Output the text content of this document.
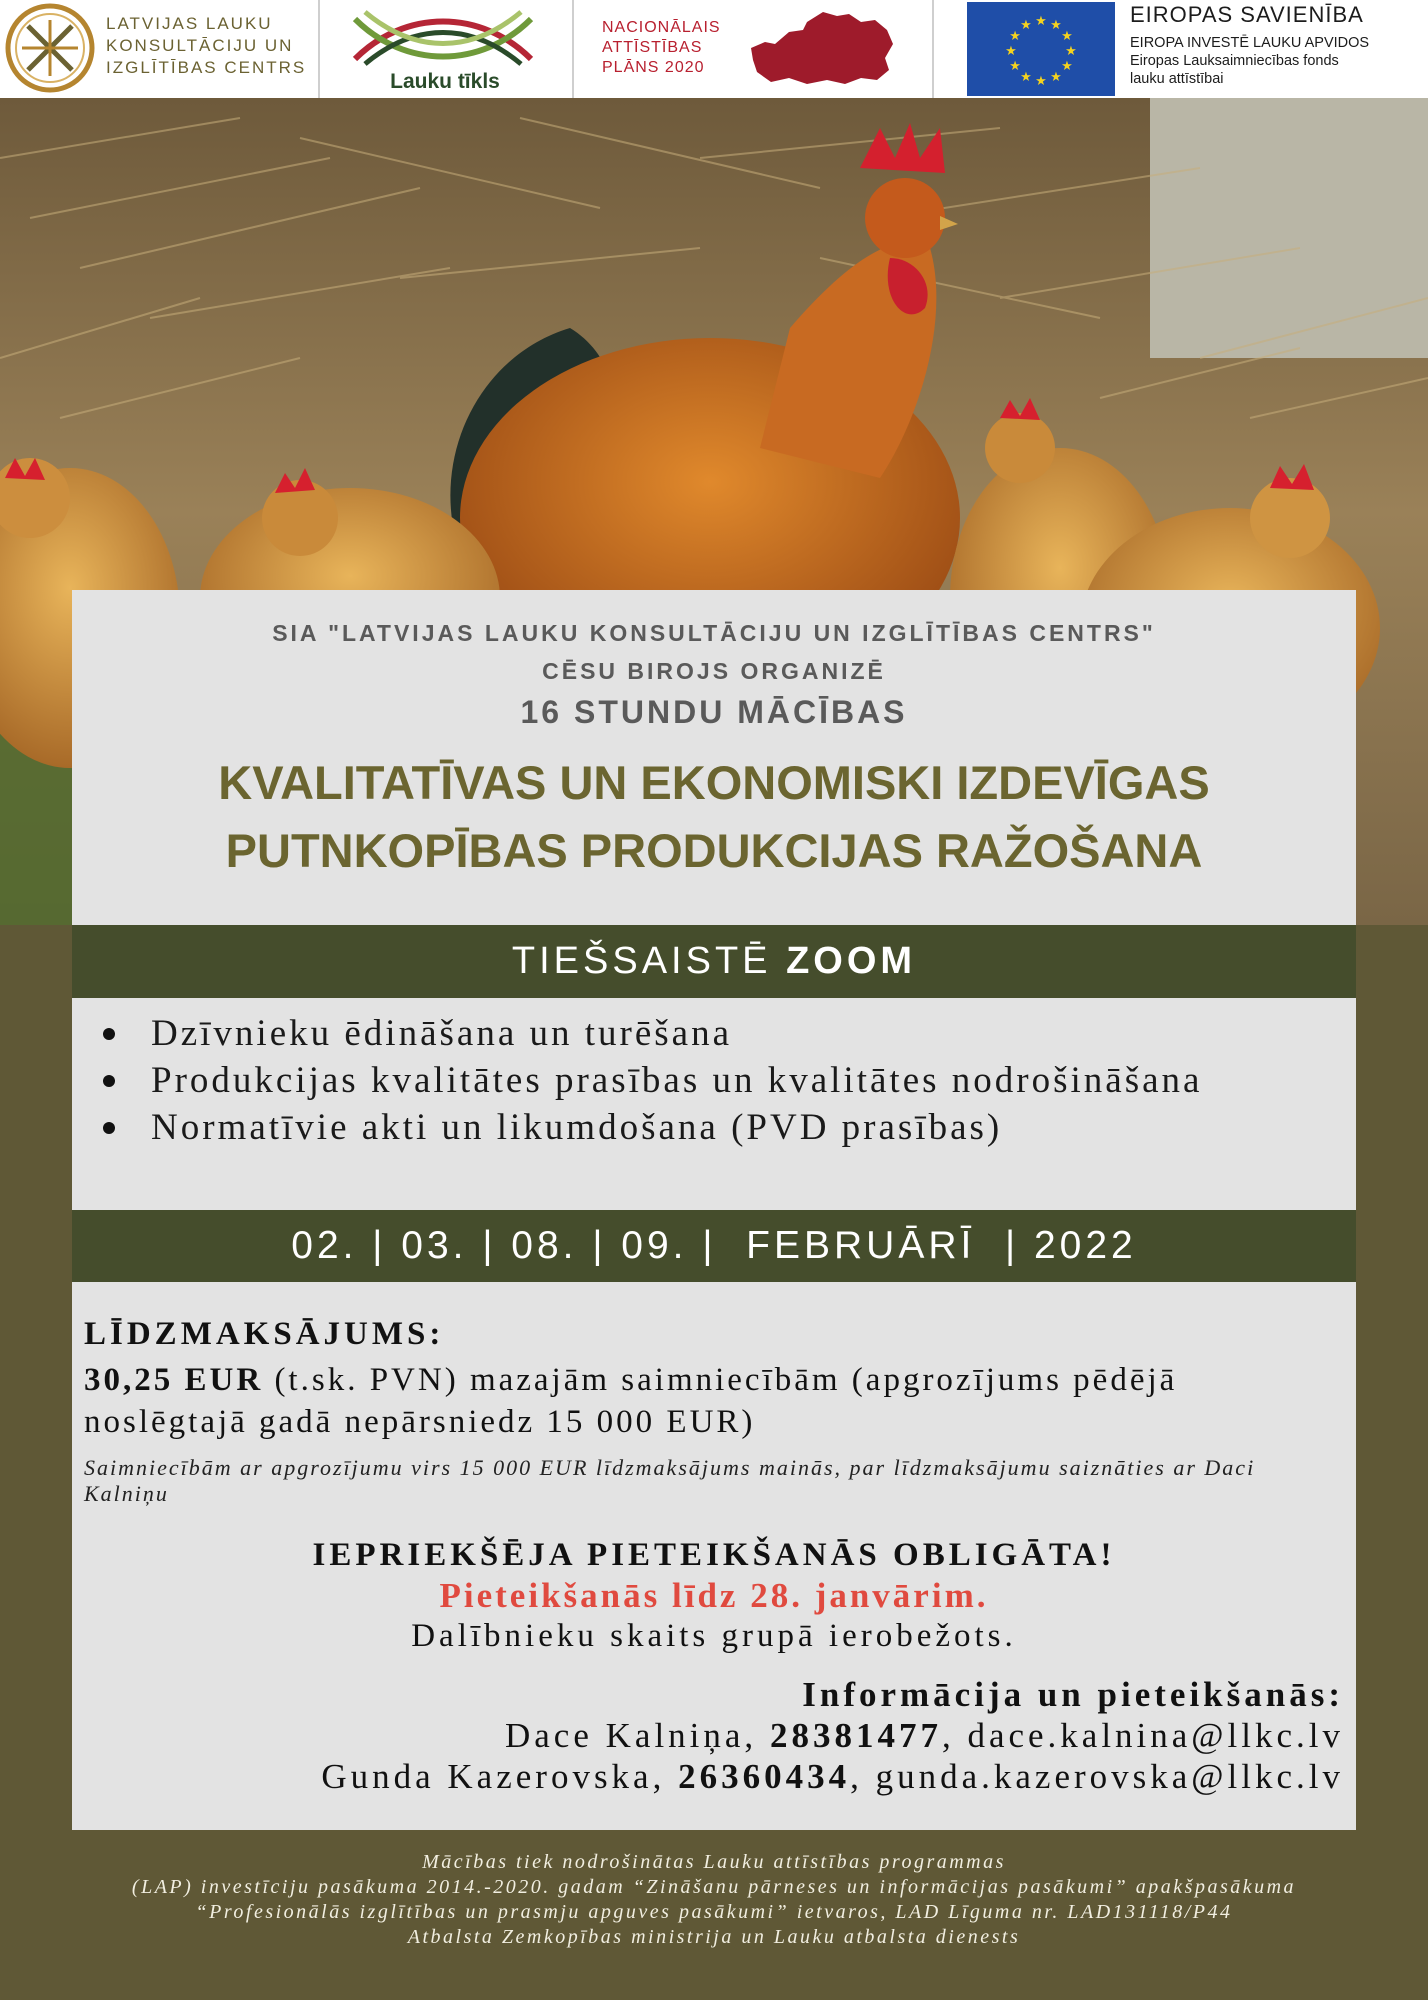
LATVIJAS LAUKU
KONSULTĀCIJU UN
IZGLĪTĪBAS CENTRS
Lauku tīkls
NACIONĀLAIS
ATTĪSTĪBAS
PLĀNS 2020
★
★
★
★
★
★
★
★
★ ★ ★
★
EIROPAS SAVIENĪBA
EIROPA INVESTĒ LAUKU APVIDOS
Eiropas Lauksaimniecības fonds
lauku attīstībai
SIA "LATVIJAS LAUKU KONSULTĀCIJU UN IZGLĪTĪBAS CENTRS"
CĒSU BIROJS ORGANIZĒ
16 STUNDU MĀCĪBAS
KVALITATĪVAS UN EKONOMISKI IZDEVĪGAS
PUTNKOPĪBAS PRODUKCIJAS RAŽOŠANA
TIEŠSAISTĒ ZOOM
Dzīvnieku ēdināšana un turēšana
Produkcijas kvalitātes prasības un kvalitātes nodrošināšana
Normatīvie akti un likumdošana (PVD prasības)
02. | 03. | 08. | 09. |  FEBRUĀRĪ  | 2022
LĪDZMAKSĀJUMS:
30,25 EUR (t.sk. PVN) mazajām saimniecībām (apgrozījums pēdējā noslēgtajā gadā nepārsniedz 15 000 EUR)
Saimniecībām ar apgrozījumu virs 15 000 EUR līdzmaksājums mainās, par līdzmaksājumu saiznāties ar Daci Kalniņu
IEPRIEKŠĒJA PIETEIKŠANĀS OBLIGĀTA!
Pieteikšanās līdz 28. janvārim.
Dalībnieku skaits grupā ierobežots.
Informācija un pieteikšanās:
Dace Kalniņa, 28381477, dace.kalnina@llkc.lv
Gunda Kazerovska, 26360434, gunda.kazerovska@llkc.lv
Mācības tiek nodrošinātas Lauku attīstības programmas
(LAP) investīciju pasākuma 2014.-2020. gadam “Zināšanu pārneses un informācijas pasākumi” apakšpasākuma
“Profesionālās izglītības un prasmju apguves pasākumi” ietvaros, LAD Līguma nr. LAD131118/P44
Atbalsta Zemkopības ministrija un Lauku atbalsta dienests
